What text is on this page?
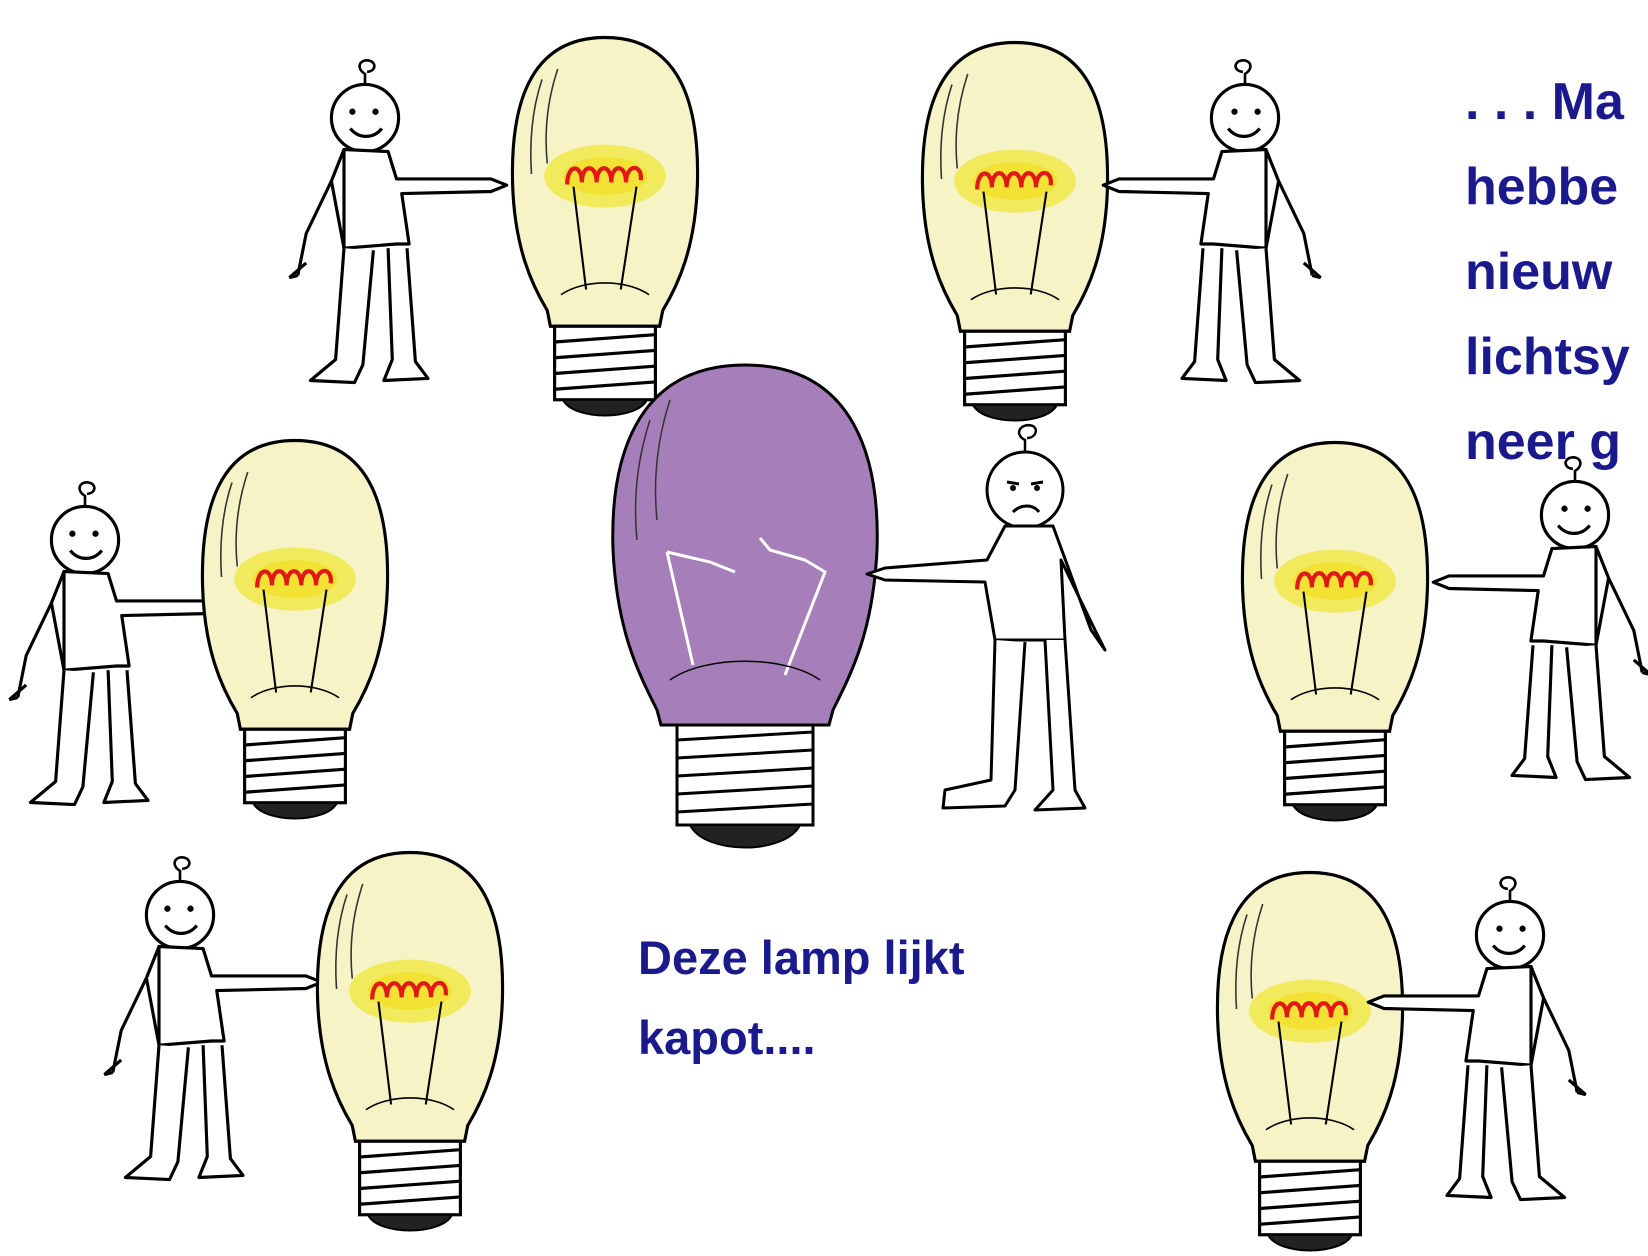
Deze lamp lijkt
kapot....
. . . Ma
hebbe
nieuw
lichtsy
neer g
